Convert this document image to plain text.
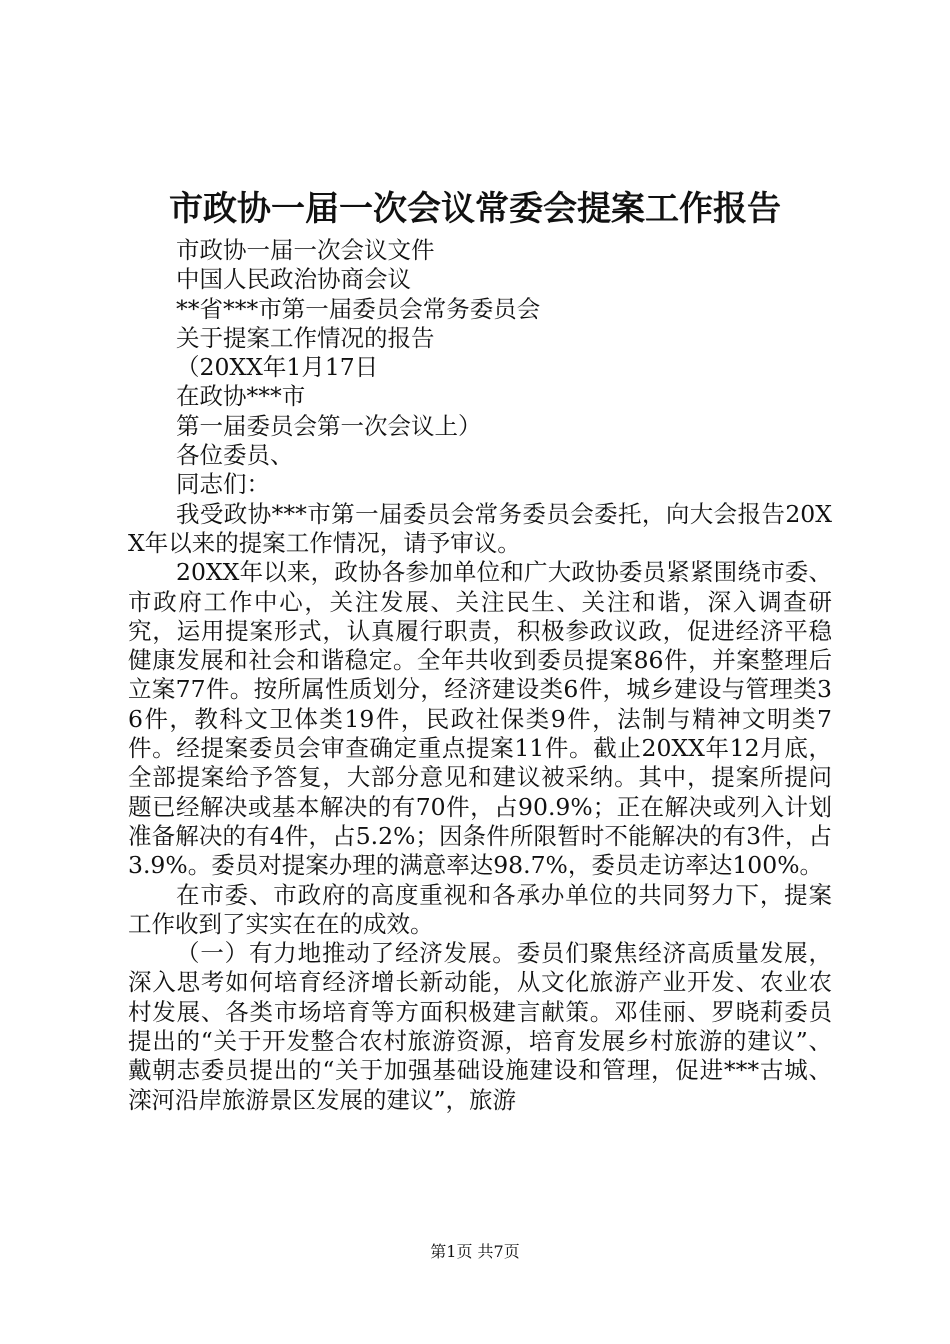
市政协一届一次会议常委会提案工作报告

市政协一届一次会议文件

中国人民政治协商会议

**省***市第一届委员会常务委员会

关于提案工作情况的报告

（20XX年1月17日

在政协***市

第一届委员会第一次会议上）

各位委员、

同志们：

我受政协***市第一届委员会常务委员会委托，向大会报告20XX年以来的提案工作情况，请予审议。

20XX年以来，政协各参加单位和广大政协委员紧紧围绕市委、市政府工作中心，关注发展、关注民生、关注和谐，深入调查研究，运用提案形式，认真履行职责，积极参政议政，促进经济平稳健康发展和社会和谐稳定。全年共收到委员提案86件，并案整理后立案77件。按所属性质划分，经济建设类6件，城乡建设与管理类36件，教科文卫体类19件，民政社保类9件，法制与精神文明类7件。经提案委员会审查确定重点提案11件。截止20XX年12月底，全部提案给予答复，大部分意见和建议被采纳。其中，提案所提问题已经解决或基本解决的有70件，占90.9%；正在解决或列入计划准备解决的有4件，占5.2%；因条件所限暂时不能解决的有3件，占3.9%。委员对提案办理的满意率达98.7%，委员走访率达100%。

在市委、市政府的高度重视和各承办单位的共同努力下，提案工作收到了实实在在的成效。

（一）有力地推动了经济发展。委员们聚焦经济高质量发展，深入思考如何培育经济增长新动能，从文化旅游产业开发、农业农村发展、各类市场培育等方面积极建言献策。邓佳丽、罗晓莉委员提出的“关于开发整合农村旅游资源，培育发展乡村旅游的建议”、戴朝志委员提出的“关于加强基础设施建设和管理，促进***古城、滦河沿岸旅游景区发展的建议”，旅游

第1页 共7页
